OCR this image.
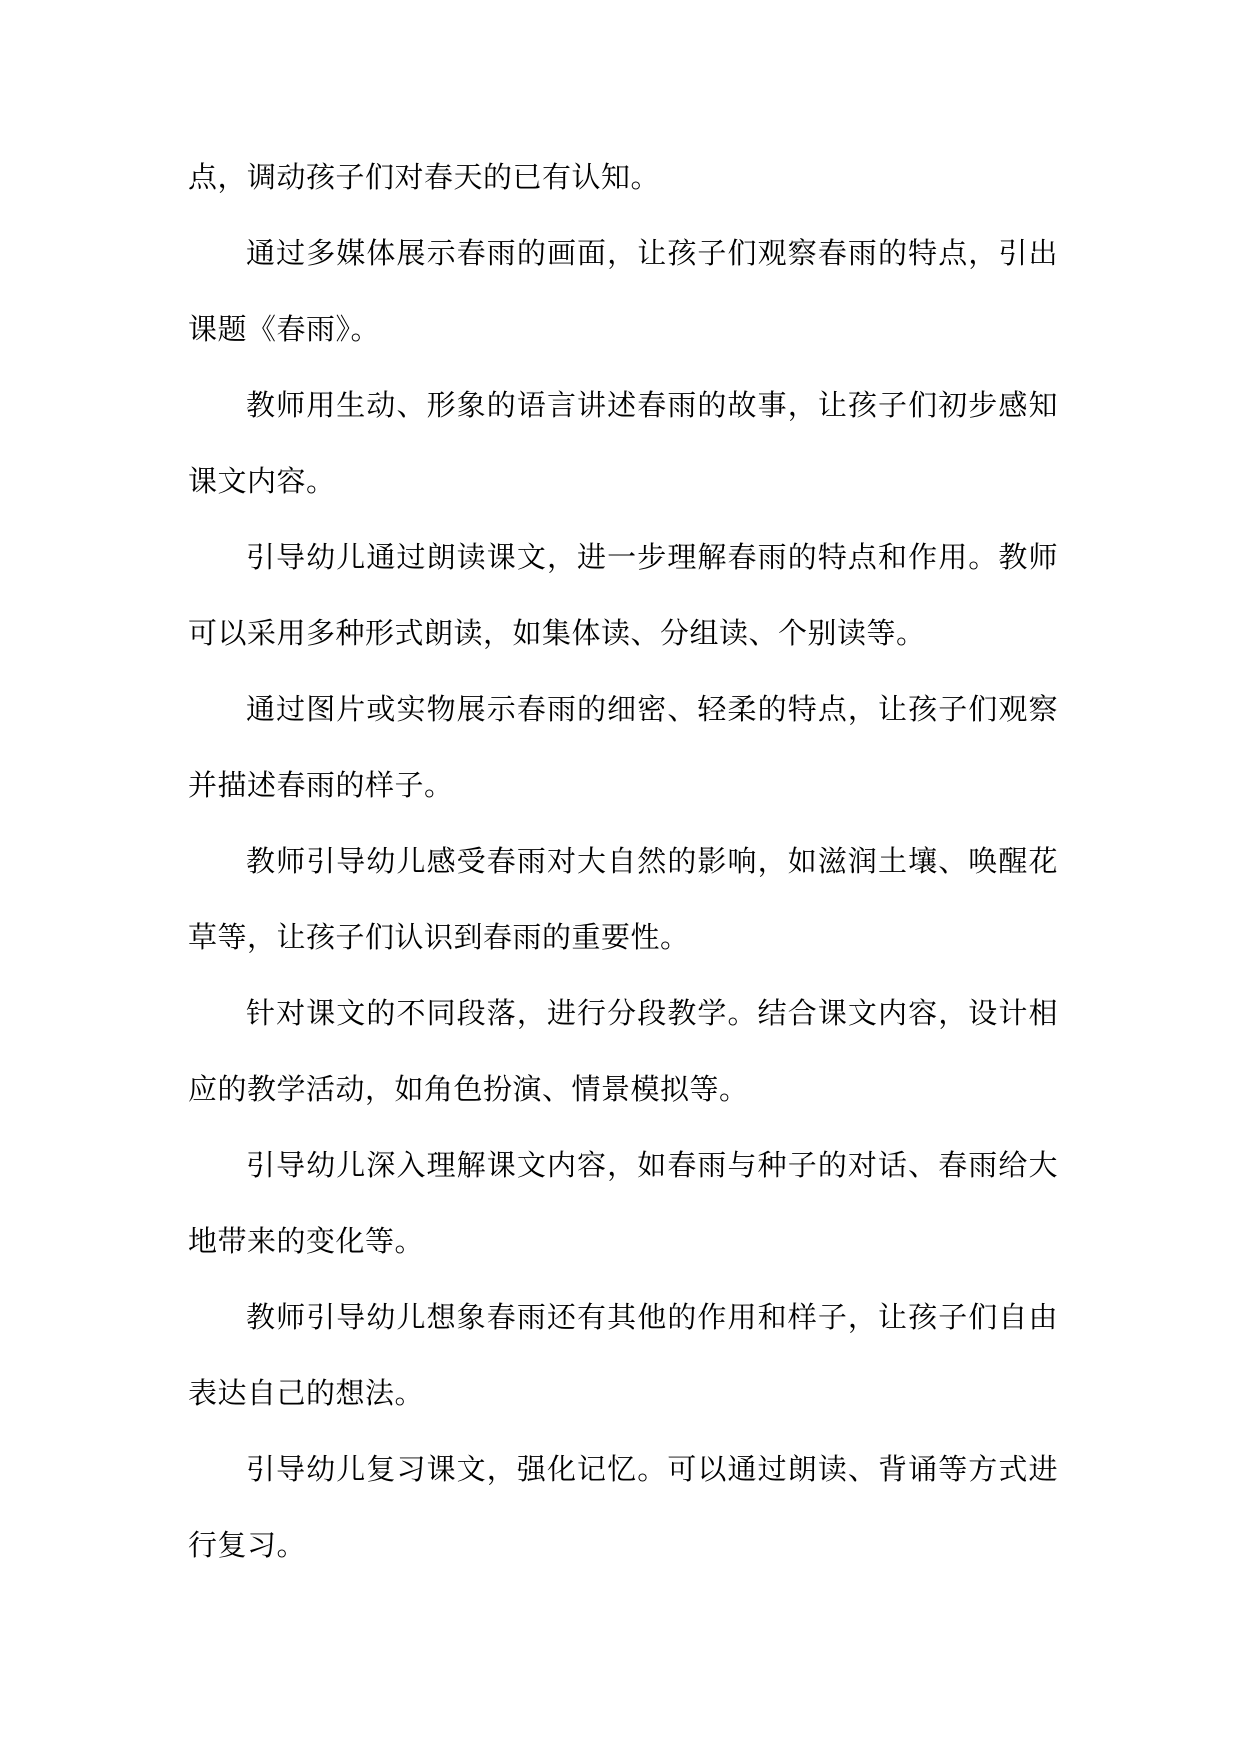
点，调动孩子们对春天的已有认知。

通过多媒体展示春雨的画面，让孩子们观察春雨的特点，引出课题《春雨》。

教师用生动、形象的语言讲述春雨的故事，让孩子们初步感知课文内容。

引导幼儿通过朗读课文，进一步理解春雨的特点和作用。教师可以采用多种形式朗读，如集体读、分组读、个别读等。

通过图片或实物展示春雨的细密、轻柔的特点，让孩子们观察并描述春雨的样子。

教师引导幼儿感受春雨对大自然的影响，如滋润土壤、唤醒花草等，让孩子们认识到春雨的重要性。

针对课文的不同段落，进行分段教学。结合课文内容，设计相应的教学活动，如角色扮演、情景模拟等。

引导幼儿深入理解课文内容，如春雨与种子的对话、春雨给大地带来的变化等。

教师引导幼儿想象春雨还有其他的作用和样子，让孩子们自由表达自己的想法。

引导幼儿复习课文，强化记忆。可以通过朗读、背诵等方式进行复习。
